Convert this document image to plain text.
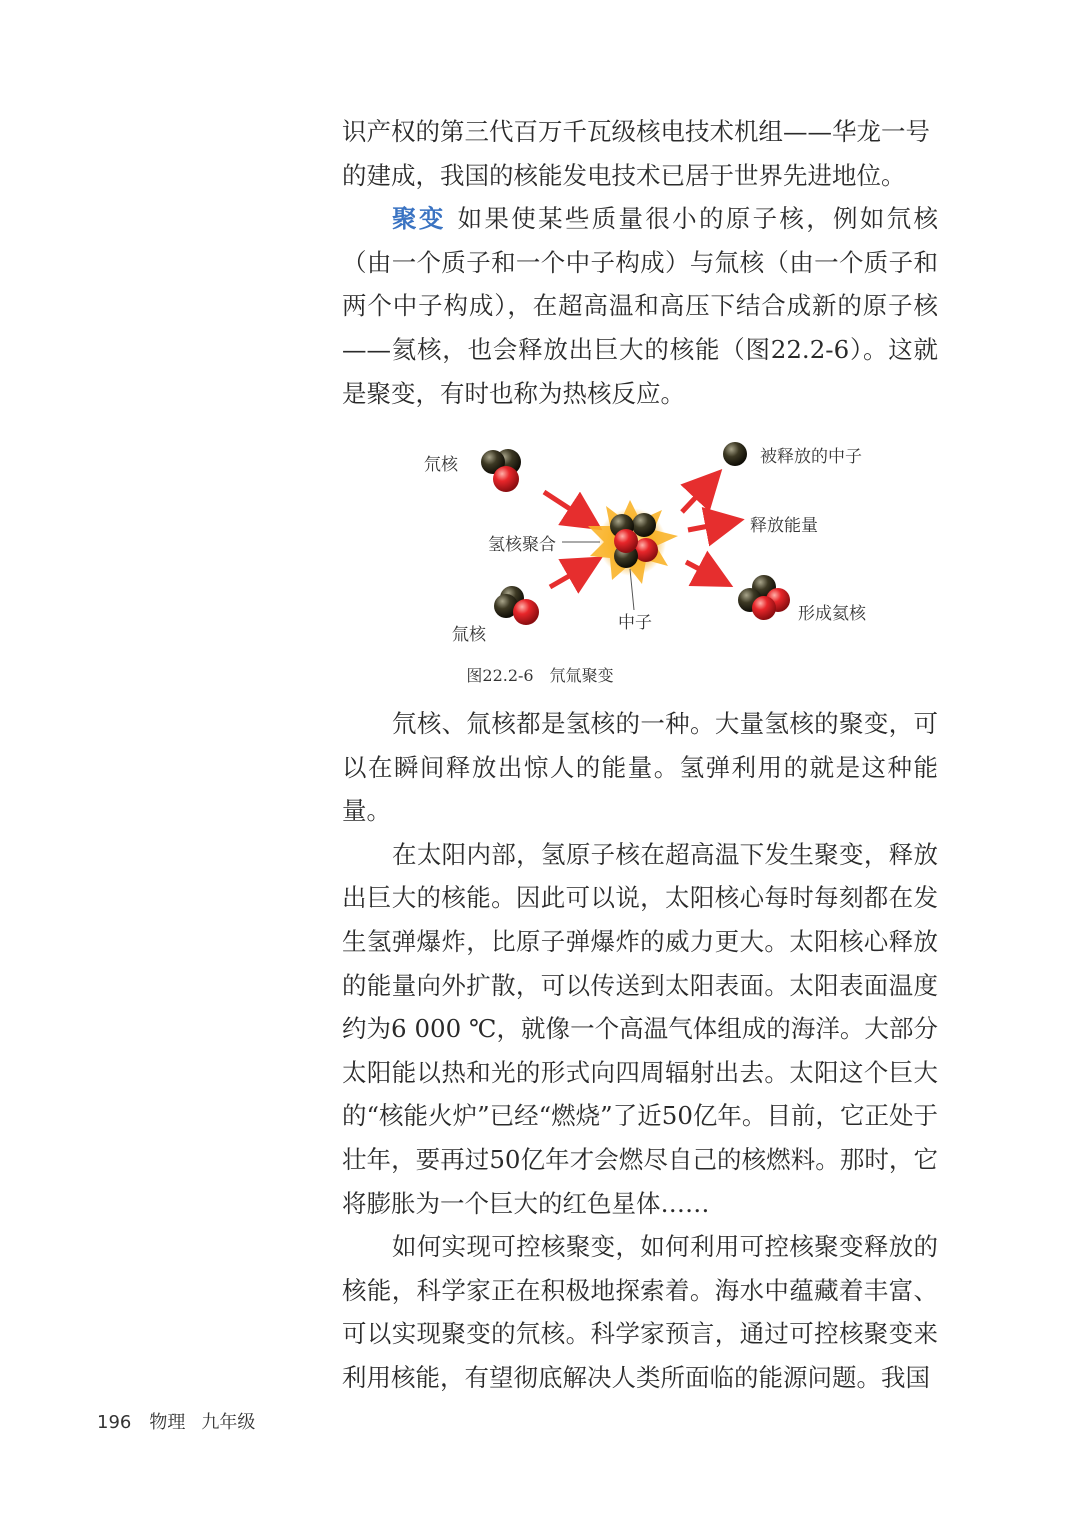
识产权的第三代百万千瓦级核电技术机组——华龙一号

的建成，我国的核能发电技术已居于世界先进地位。

聚变 如果使某些质量很小的原子核，例如氘核（由一个质子和一个中子构成）与氚核（由一个质子和两个中子构成），在超高温和高压下结合成新的原子核——氦核，也会释放出巨大的核能（图22.2-6）。这就是聚变，有时也称为热核反应。

氘核
氚核
氢核聚合
中子
被释放的中子
释放能量
形成氦核
图22.2-6　氘氚聚变

氘核、氚核都是氢核的一种。大量氢核的聚变，可以在瞬间释放出惊人的能量。氢弹利用的就是这种能量。

在太阳内部，氢原子核在超高温下发生聚变，释放出巨大的核能。因此可以说，太阳核心每时每刻都在发生氢弹爆炸，比原子弹爆炸的威力更大。太阳核心释放的能量向外扩散，可以传送到太阳表面。太阳表面温度约为6 000 ℃，就像一个高温气体组成的海洋。大部分太阳能以热和光的形式向四周辐射出去。太阳这个巨大的“核能火炉”已经“燃烧”了近50亿年。目前，它正处于壮年，要再过50亿年才会燃尽自己的核燃料。那时，它将膨胀为一个巨大的红色星体……

如何实现可控核聚变，如何利用可控核聚变释放的核能，科学家正在积极地探索着。海水中蕴藏着丰富、可以实现聚变的氘核。科学家预言，通过可控核聚变来利用核能，有望彻底解决人类所面临的能源问题。我国

196 物理 九年级
